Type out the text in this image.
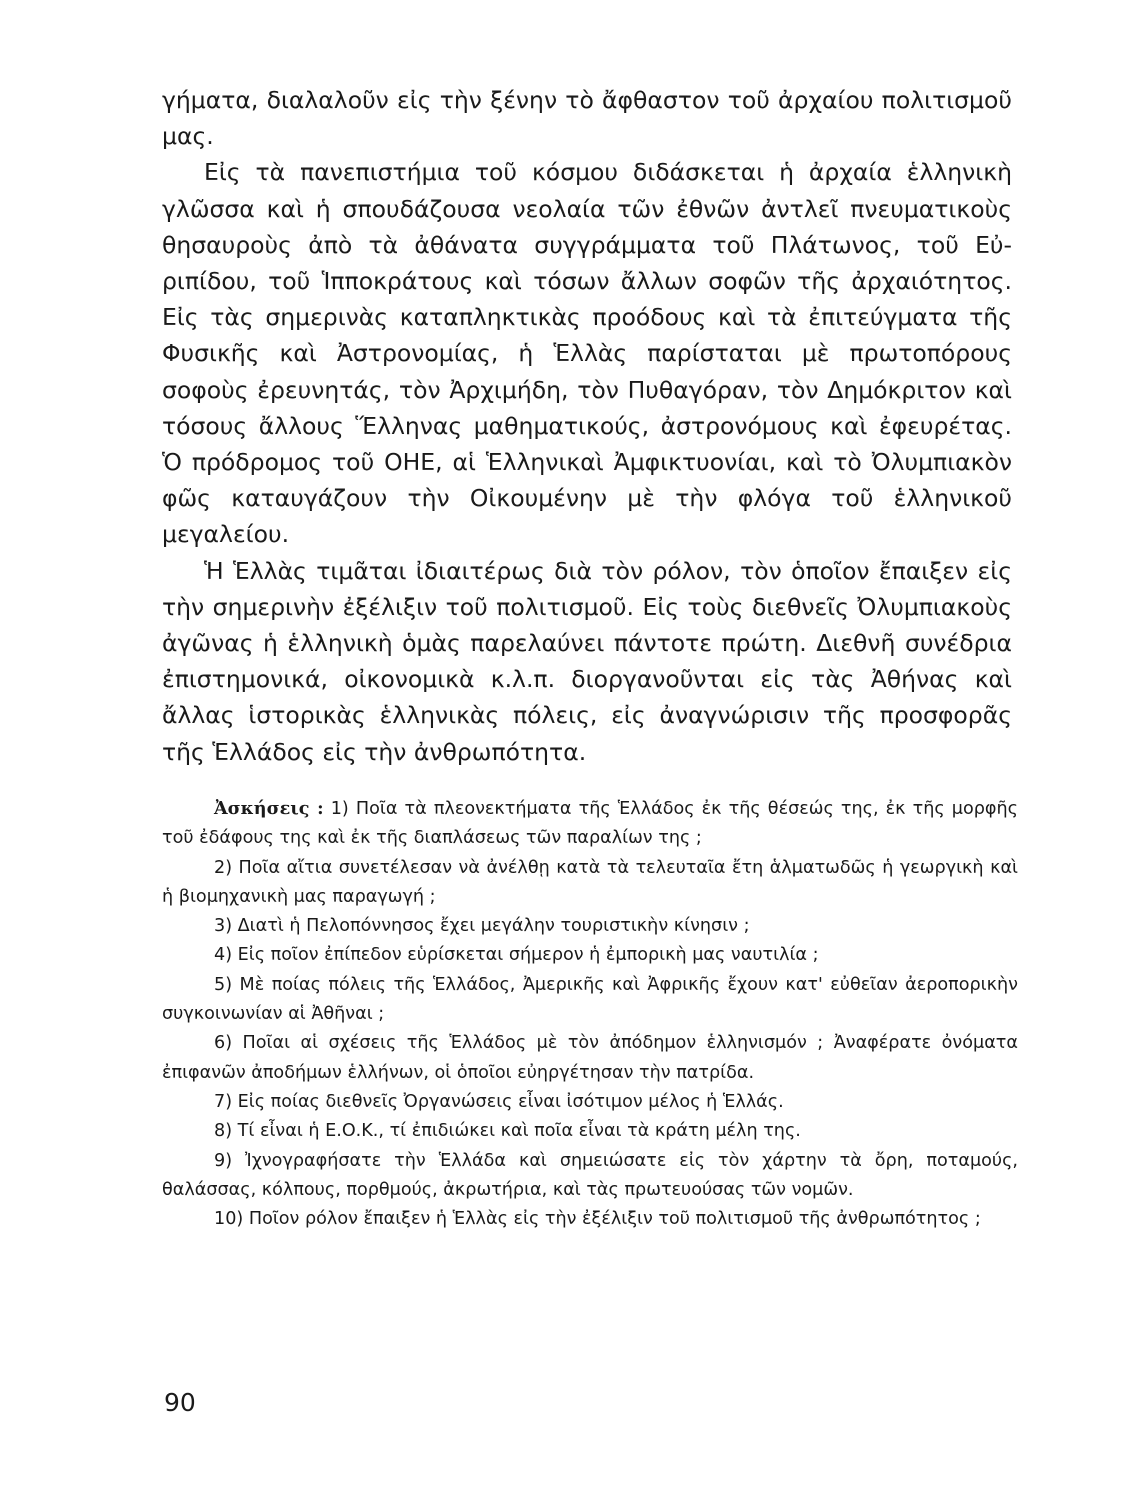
γήματα, διαλαλοῦν εἰς τὴν ξένην τὸ ἄφθαστον τοῦ ἀρχαίου πολιτισμοῦ μας.

Εἰς τὰ πανεπιστήμια τοῦ κόσμου διδάσκεται ἡ ἀρχαία ἑλληνικὴ γλῶσσα καὶ ἡ σπουδάζουσα νεολαία τῶν ἐθνῶν ἀντλεῖ πνευματικοὺς θησαυροὺς ἀπὸ τὰ ἀθάνατα συγγράμματα τοῦ Πλάτωνος, τοῦ Εὐριπίδου, τοῦ Ἱπποκράτους καὶ τόσων ἄλλων σοφῶν τῆς ἀρχαιότητος. Εἰς τὰς σημερινὰς καταπληκτικὰς προόδους καὶ τὰ ἐπιτεύγματα τῆς Φυσικῆς καὶ Ἀστρονομίας, ἡ Ἑλλὰς παρίσταται μὲ πρωτοπόρους σοφοὺς ἐρευνητάς, τὸν Ἀρχιμήδη, τὸν Πυθαγόραν, τὸν Δημόκριτον καὶ τόσους ἄλλους Ἕλληνας μαθηματικούς, ἀστρονόμους καὶ ἐφευρέτας. Ὁ πρόδρομος τοῦ ΟΗΕ, αἱ Ἑλληνικαὶ Ἀμφικτυονίαι, καὶ τὸ Ὀλυμπιακὸν φῶς καταυγάζουν τὴν Οἰκουμένην μὲ τὴν φλόγα τοῦ ἑλληνικοῦ μεγαλείου.

Ἡ Ἑλλὰς τιμᾶται ἰδιαιτέρως διὰ τὸν ρόλον, τὸν ὁποῖον ἔπαιξεν εἰς τὴν σημερινὴν ἐξέλιξιν τοῦ πολιτισμοῦ. Εἰς τοὺς διεθνεῖς Ὀλυμπιακοὺς ἀγῶνας ἡ ἑλληνικὴ ὁμὰς παρελαύνει πάντοτε πρώτη. Διεθνῆ συνέδρια ἐπιστημονικά, οἰκονομικὰ κ.λ.π. διοργανοῦνται εἰς τὰς Ἀθήνας καὶ ἄλλας ἱστορικὰς ἑλληνικὰς πόλεις, εἰς ἀναγνώρισιν τῆς προσφορᾶς τῆς Ἑλλάδος εἰς τὴν ἀνθρωπότητα.

Ἀσκήσεις : 1) Ποῖα τὰ πλεονεκτήματα τῆς Ἑλλάδος ἐκ τῆς θέσεώς της, ἐκ τῆς μορφῆς τοῦ ἐδάφους της καὶ ἐκ τῆς διαπλάσεως τῶν παραλίων της ;

2) Ποῖα αἴτια συνετέλεσαν νὰ ἀνέλθῃ κατὰ τὰ τελευταῖα ἔτη ἁλματωδῶς ἡ γεωργικὴ καὶ ἡ βιομηχανικὴ μας παραγωγή ;

3) Διατὶ ἡ Πελοπόννησος ἔχει μεγάλην τουριστικὴν κίνησιν ;

4) Εἰς ποῖον ἐπίπεδον εὑρίσκεται σήμερον ἡ ἐμπορικὴ μας ναυτιλία ;

5) Μὲ ποίας πόλεις τῆς Ἑλλάδος, Ἀμερικῆς καὶ Ἀφρικῆς ἔχουν κατ' εὐθεῖαν ἀεροπορικὴν συγκοινωνίαν αἱ Ἀθῆναι ;

6) Ποῖαι αἱ σχέσεις τῆς Ἑλλάδος μὲ τὸν ἀπόδημον ἑλληνισμόν ; Ἀναφέρατε ὀνόματα ἐπιφανῶν ἀποδήμων ἑλλήνων, οἱ ὁποῖοι εὐηργέτησαν τὴν πατρίδα.

7) Εἰς ποίας διεθνεῖς Ὀργανώσεις εἶναι ἰσότιμον μέλος ἡ Ἑλλάς.

8) Τί εἶναι ἡ Ε.Ο.Κ., τί ἐπιδιώκει καὶ ποῖα εἶναι τὰ κράτη μέλη της.

9) Ἰχνογραφήσατε τὴν Ἑλλάδα καὶ σημειώσατε εἰς τὸν χάρτην τὰ ὄρη, ποταμούς, θαλάσσας, κόλπους, πορθμούς, ἀκρωτήρια, καὶ τὰς πρωτευούσας τῶν νομῶν.

10) Ποῖον ρόλον ἔπαιξεν ἡ Ἑλλὰς εἰς τὴν ἐξέλιξιν τοῦ πολιτισμοῦ τῆς ἀνθρωπότητος ;

90
